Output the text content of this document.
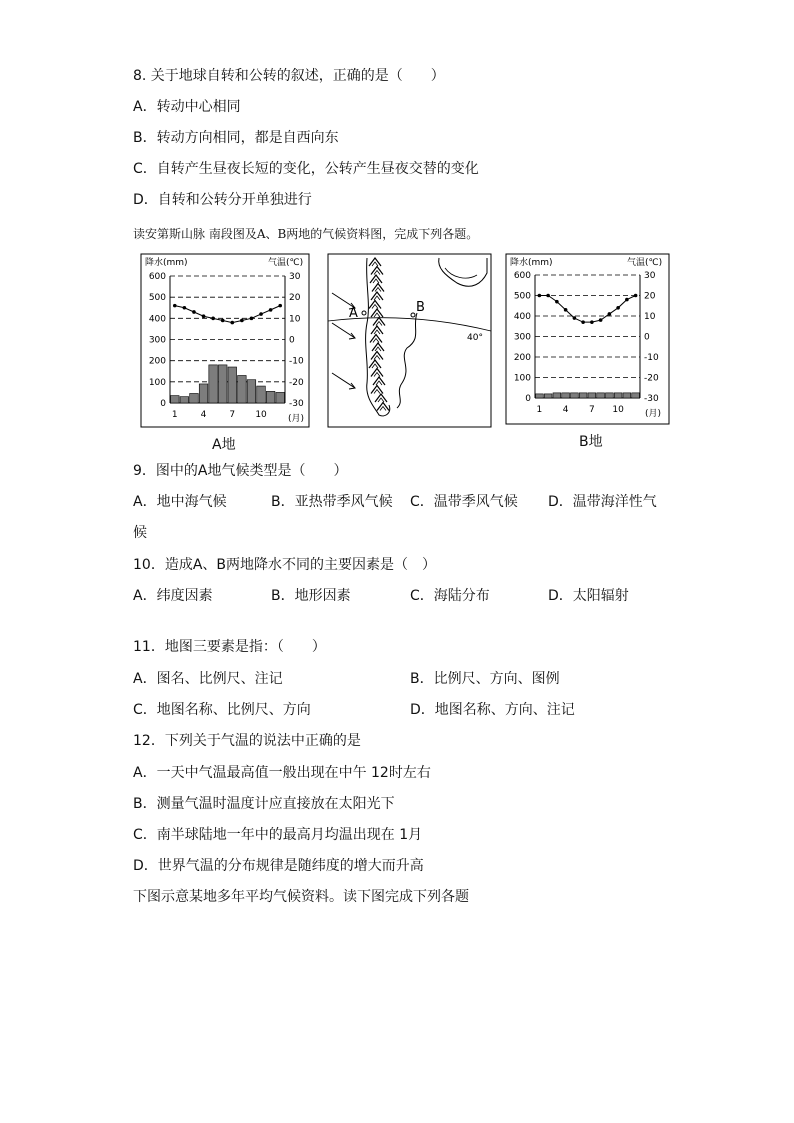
8. 关于地球自转和公转的叙述，正确的是（　　）
A．转动中心相同
B．转动方向相同，都是自西向东
C．自转产生昼夜长短的变化，公转产生昼夜交替的变化
D．自转和公转分开单独进行
读安第斯山脉 南段图及A、B两地的气候资料图，完成下列各题。
降水(mm)	气温(℃)
600
500
400
300
200
100
0
30
20
10
0
-10
-20
-30
1	4	7 10 (月)
A地
40°
A	B
降水(mm)	气温(℃)
600
500
400
300
200
100
0
30
20
10
0
-10
-20
-30
1 4 7 10 (月)
B地
9．图中的A地气候类型是（　　）
A．地中海气候	B．亚热带季风气候 C．温带季风气候 D．温带海洋性气
候
10．造成A、B两地降水不同的主要因素是（　）
A．纬度因素	B．地形因素	C．海陆分布	D．太阳辐射
11．地图三要素是指：（　　）
A．图名、比例尺、注记	B．比例尺、方向、图例
C．地图名称、比例尺、方向	D．地图名称、方向、注记
12．下列关于气温的说法中正确的是
A．一天中气温最高值一般出现在中午 12时左右
B．测量气温时温度计应直接放在太阳光下
C．南半球陆地一年中的最高月均温出现在 1月
D．世界气温的分布规律是随纬度的增大而升高
下图示意某地多年平均气候资料。读下图完成下列各题
